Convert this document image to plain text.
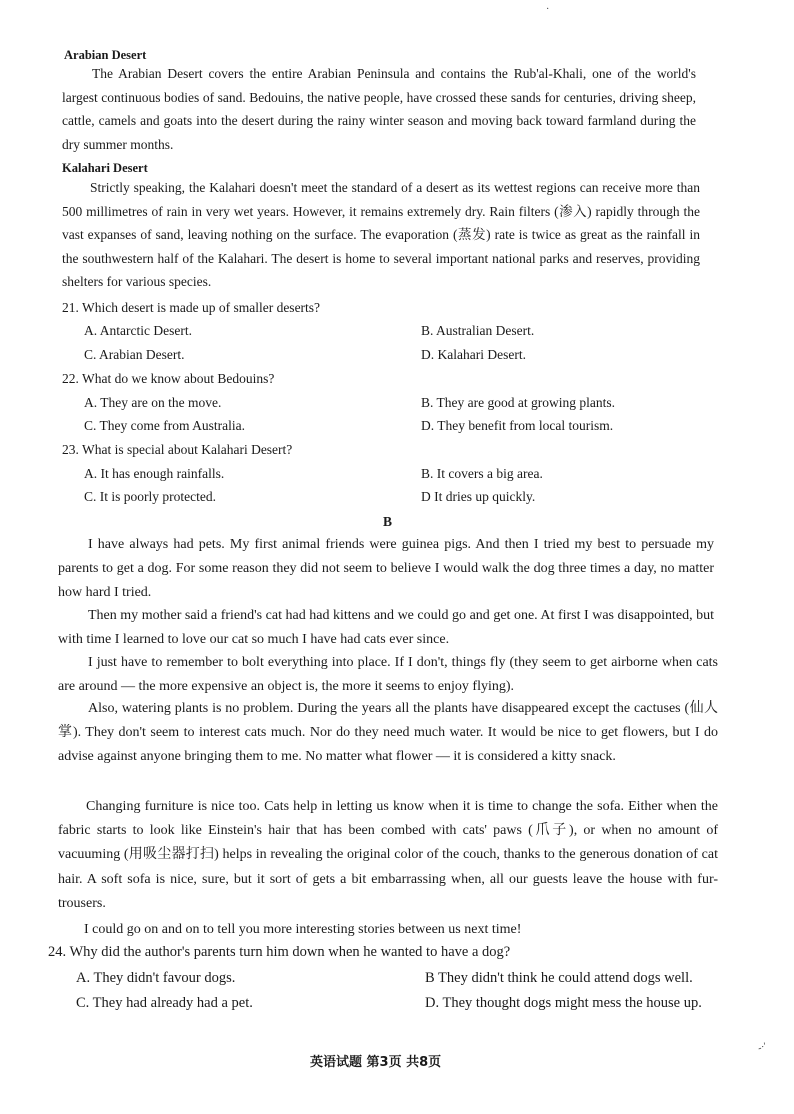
Arabian Desert
The Arabian Desert covers the entire Arabian Peninsula and contains the Rub'al-Khali, one of the world's largest continuous bodies of sand. Bedouins, the native people, have crossed these sands for centuries, driving sheep, cattle, camels and goats into the desert during the rainy winter season and moving back toward farmland during the dry summer months.
Kalahari Desert
Strictly speaking, the Kalahari doesn't meet the standard of a desert as its wettest regions can receive more than 500 millimetres of rain in very wet years. However, it remains extremely dry. Rain filters (渗入) rapidly through the vast expanses of sand, leaving nothing on the surface. The evaporation (蒸发) rate is twice as great as the rainfall in the southwestern half of the Kalahari. The desert is home to several important national parks and reserves, providing shelters for various species.
21. Which desert is made up of smaller deserts?
A. Antarctic Desert.	B. Australian Desert.
C. Arabian Desert.	D. Kalahari Desert.
22. What do we know about Bedouins?
A. They are on the move.	B. They are good at growing plants.
C. They come from Australia.	D. They benefit from local tourism.
23. What is special about Kalahari Desert?
A. It has enough rainfalls.	B. It covers a big area.
C. It is poorly protected.	D It dries up quickly.
B
I have always had pets. My first animal friends were guinea pigs. And then I tried my best to persuade my parents to get a dog. For some reason they did not seem to believe I would walk the dog three times a day, no matter how hard I tried.
Then my mother said a friend's cat had had kittens and we could go and get one. At first I was disappointed, but with time I learned to love our cat so much I have had cats ever since.
I just have to remember to bolt everything into place. If I don't, things fly (they seem to get airborne when cats are around — the more expensive an object is, the more it seems to enjoy flying).
Also, watering plants is no problem. During the years all the plants have disappeared except the cactuses (仙人掌). They don't seem to interest cats much. Nor do they need much water. It would be nice to get flowers, but I do advise against anyone bringing them to me. No matter what flower — it is considered a kitty snack.
Changing furniture is nice too. Cats help in letting us know when it is time to change the sofa. Either when the fabric starts to look like Einstein's hair that has been combed with cats' paws (爪子), or when no amount of vacuuming (用吸尘器打扫) helps in revealing the original color of the couch, thanks to the generous donation of cat hair. A soft sofa is nice, sure, but it sort of gets a bit embarrassing when, all our guests leave the house with fur-trousers.
I could go on and on to tell you more interesting stories between us next time!
24. Why did the author's parents turn him down when he wanted to have a dog?
A. They didn't favour dogs.	B They didn't think he could attend dogs well.
C. They had already had a pet.	D. They thought dogs might mess the house up.
英语试题 第3页 共8页
·
-·′
